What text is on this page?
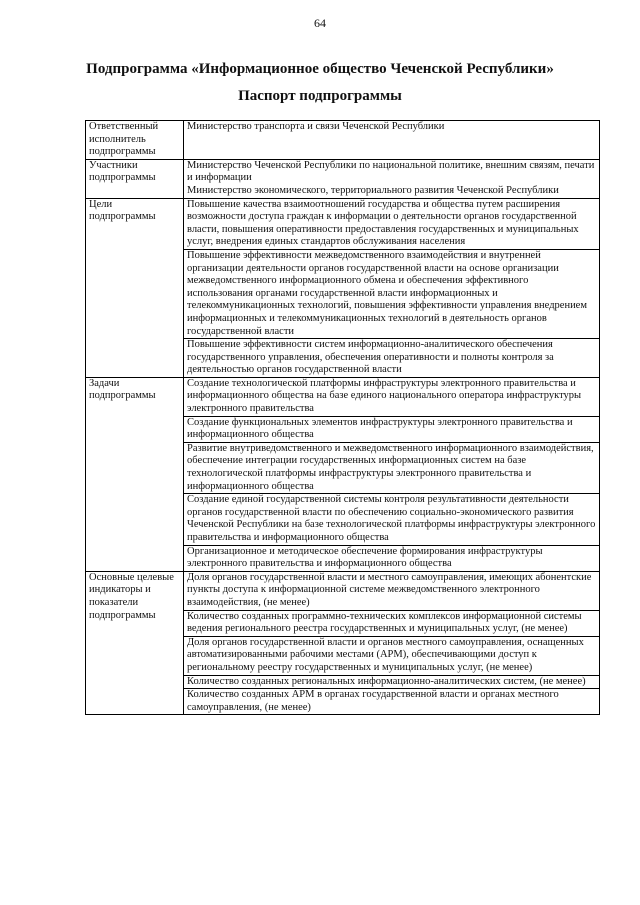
64
Подпрограмма «Информационное общество Чеченской Республики»
Паспорт подпрограммы
Ответственный исполнитель подпрограммы	Министерство транспорта и связи Чеченской Республики

Участники подпрограммы	Министерство Чеченской Республики по национальной политике, внешним связям, печати и информации
Министерство экономического, территориального развития Чеченской Республики

Цели подпрограммы	Повышение качества взаимоотношений государства и общества путем расширения возможности доступа граждан к информации о деятельности органов государственной власти, повышения оперативности предоставления государственных и муниципальных услуг, внедрения единых стандартов обслуживания населения
	Повышение эффективности межведомственного взаимодействия и внутренней организации деятельности органов государственной власти на основе организации межведомственного информационного обмена и обеспечения эффективного использования органами государственной власти информационных и телекоммуникационных технологий, повышения эффективности управления внедрением информационных и телекоммуникационных технологий в деятельность органов государственной власти
	Повышение эффективности систем информационно-аналитического обеспечения государственного управления, обеспечения оперативности и полноты контроля за деятельностью органов государственной власти

Задачи подпрограммы	Создание технологической платформы инфраструктуры электронного правительства и информационного общества на базе единого национального оператора инфраструктуры электронного правительства
	Создание функциональных элементов инфраструктуры электронного правительства и информационного общества
	Развитие внутриведомственного и межведомственного информационного взаимодействия, обеспечение интеграции государственных информационных систем на базе технологической платформы инфраструктуры электронного правительства и информационного общества
	Создание единой государственной системы контроля результативности деятельности органов государственной власти по обеспечению социально-экономического развития Чеченской Республики на базе технологической платформы инфраструктуры электронного правительства и информационного общества
	Организационное и методическое обеспечение формирования инфраструктуры электронного правительства и информационного общества

Основные целевые индикаторы и показатели подпрограммы	Доля органов государственной власти и местного самоуправления, имеющих абонентские пункты доступа к информационной системе межведомственного электронного взаимодействия, (не менее)
	Количество созданных программно-технических комплексов информационной системы ведения регионального реестра государственных и муниципальных услуг, (не менее)
	Доля органов государственной власти и органов местного самоуправления, оснащенных автоматизированными рабочими местами (АРМ), обеспечивающими доступ к региональному реестру государственных и муниципальных услуг, (не менее)
	Количество созданных региональных информационно-аналитических систем, (не менее)
	Количество созданных АРМ в органах государственной власти и органах местного самоуправления, (не менее)
